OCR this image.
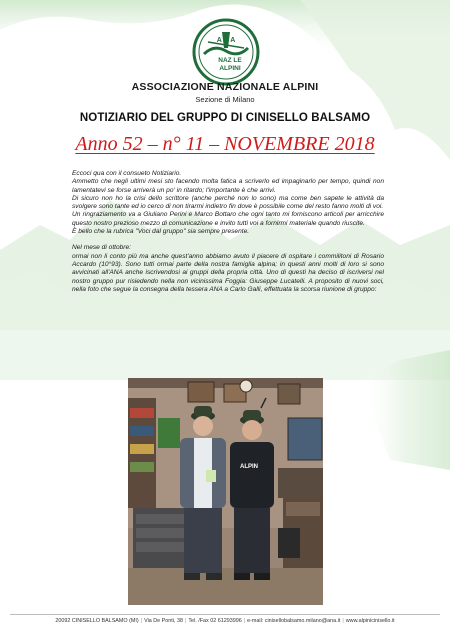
A N A
NAZ LE
ALPINI
ASSOCIAZIONE NAZIONALE ALPINI
Sezione di Milano
NOTIZIARIO DEL GRUPPO DI CINISELLO BALSAMO
Anno 52 – n° 11 – NOVEMBRE 2018

Eccoci qua con il consueto Notiziario.

Ammetto che negli ultimi mesi sto facendo molta fatica a scriverlo ed impaginarlo per tempo, quindi non lamentatevi se forse arriverà un po' in ritardo; l'importante è che arrivi.

Di sicuro non ho la crisi dello scrittore (anche perché non lo sono) ma come ben sapete le attività da svolgere sono tante ed io cerco di non tirarmi indietro fin dove è possibile come del resto fanno molti di voi.

Un ringraziamento va a Giuliano Perini e Marco Bottaro che ogni tanto mi forniscono articoli per arricchire questo nostro prezioso mezzo di comunicazione e invito tutti voi a fornirmi materiale quando riuscite.

È bello che la rubrica "Voci dal gruppo" sia sempre presente.

Nel mese di ottobre:

ormai non li conto più ma anche quest'anno abbiamo avuto il piacere di ospitare i commilitoni di Rosario Accardo (10°93). Sono tutti ormai parte della nostra famiglia alpina; in questi anni molti di loro si sono avvicinati all'ANA anche iscrivendosi ai gruppi della propria città. Uno di questi ha deciso di iscriversi nel nostro gruppo pur risiedendo nella non vicinissima Foggia: Giuseppe Lucatelli. A proposito di nuovi soci, nella foto che segue la consegna della tessera ANA a Carlo Galli, effettuata la scorsa riunione di gruppo:

ALPIN
20092 CINISELLO BALSAMO (MI) | Via De Ponti, 38 | Tel. /Fax 02 61293996 | e-mail: cinisellobalsamo.milano@ana.it | www.alpinicinisello.it
